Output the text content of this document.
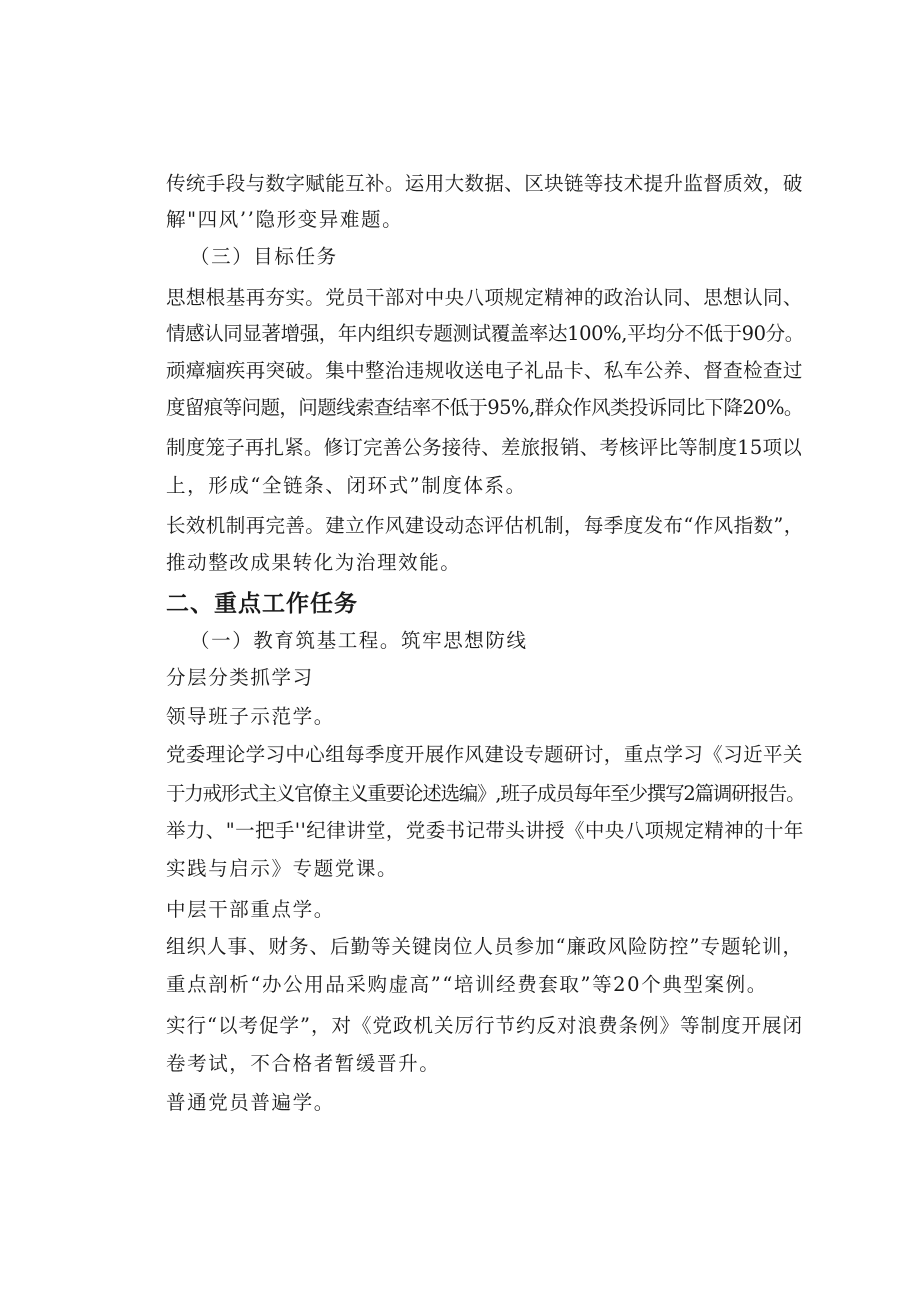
传统手段与数字赋能互补。运用大数据、区块链等技术提升监督质效，破
解"四风’’隐形变异难题。
（三）目标任务
思想根基再夯实。党员干部对中央八项规定精神的政治认同、思想认同、
情感认同显著增强，年内组织专题测试覆盖率达100%,平均分不低于90分。
顽瘴痼疾再突破。集中整治违规收送电子礼品卡、私车公养、督查检查过
度留痕等问题，问题线索查结率不低于95%,群众作风类投诉同比下降20%。
制度笼子再扎紧。修订完善公务接待、差旅报销、考核评比等制度15项以
上，形成“全链条、闭环式”制度体系。
长效机制再完善。建立作风建设动态评估机制，每季度发布“作风指数”，
推动整改成果转化为治理效能。
二、重点工作任务
（一）教育筑基工程。筑牢思想防线
分层分类抓学习
领导班子示范学。
党委理论学习中心组每季度开展作风建设专题研讨，重点学习《习近平关
于力戒形式主义官僚主义重要论述选编》,班子成员每年至少撰写2篇调研报告。
举力、"一把手''纪律讲堂，党委书记带头讲授《中央八项规定精神的十年
实践与启示》专题党课。
中层干部重点学。
组织人事、财务、后勤等关键岗位人员参加“廉政风险防控”专题轮训，
重点剖析“办公用品采购虚高”“培训经费套取”等20个典型案例。
实行“以考促学”，对《党政机关厉行节约反对浪费条例》等制度开展闭
卷考试，不合格者暂缓晋升。
普通党员普遍学。
